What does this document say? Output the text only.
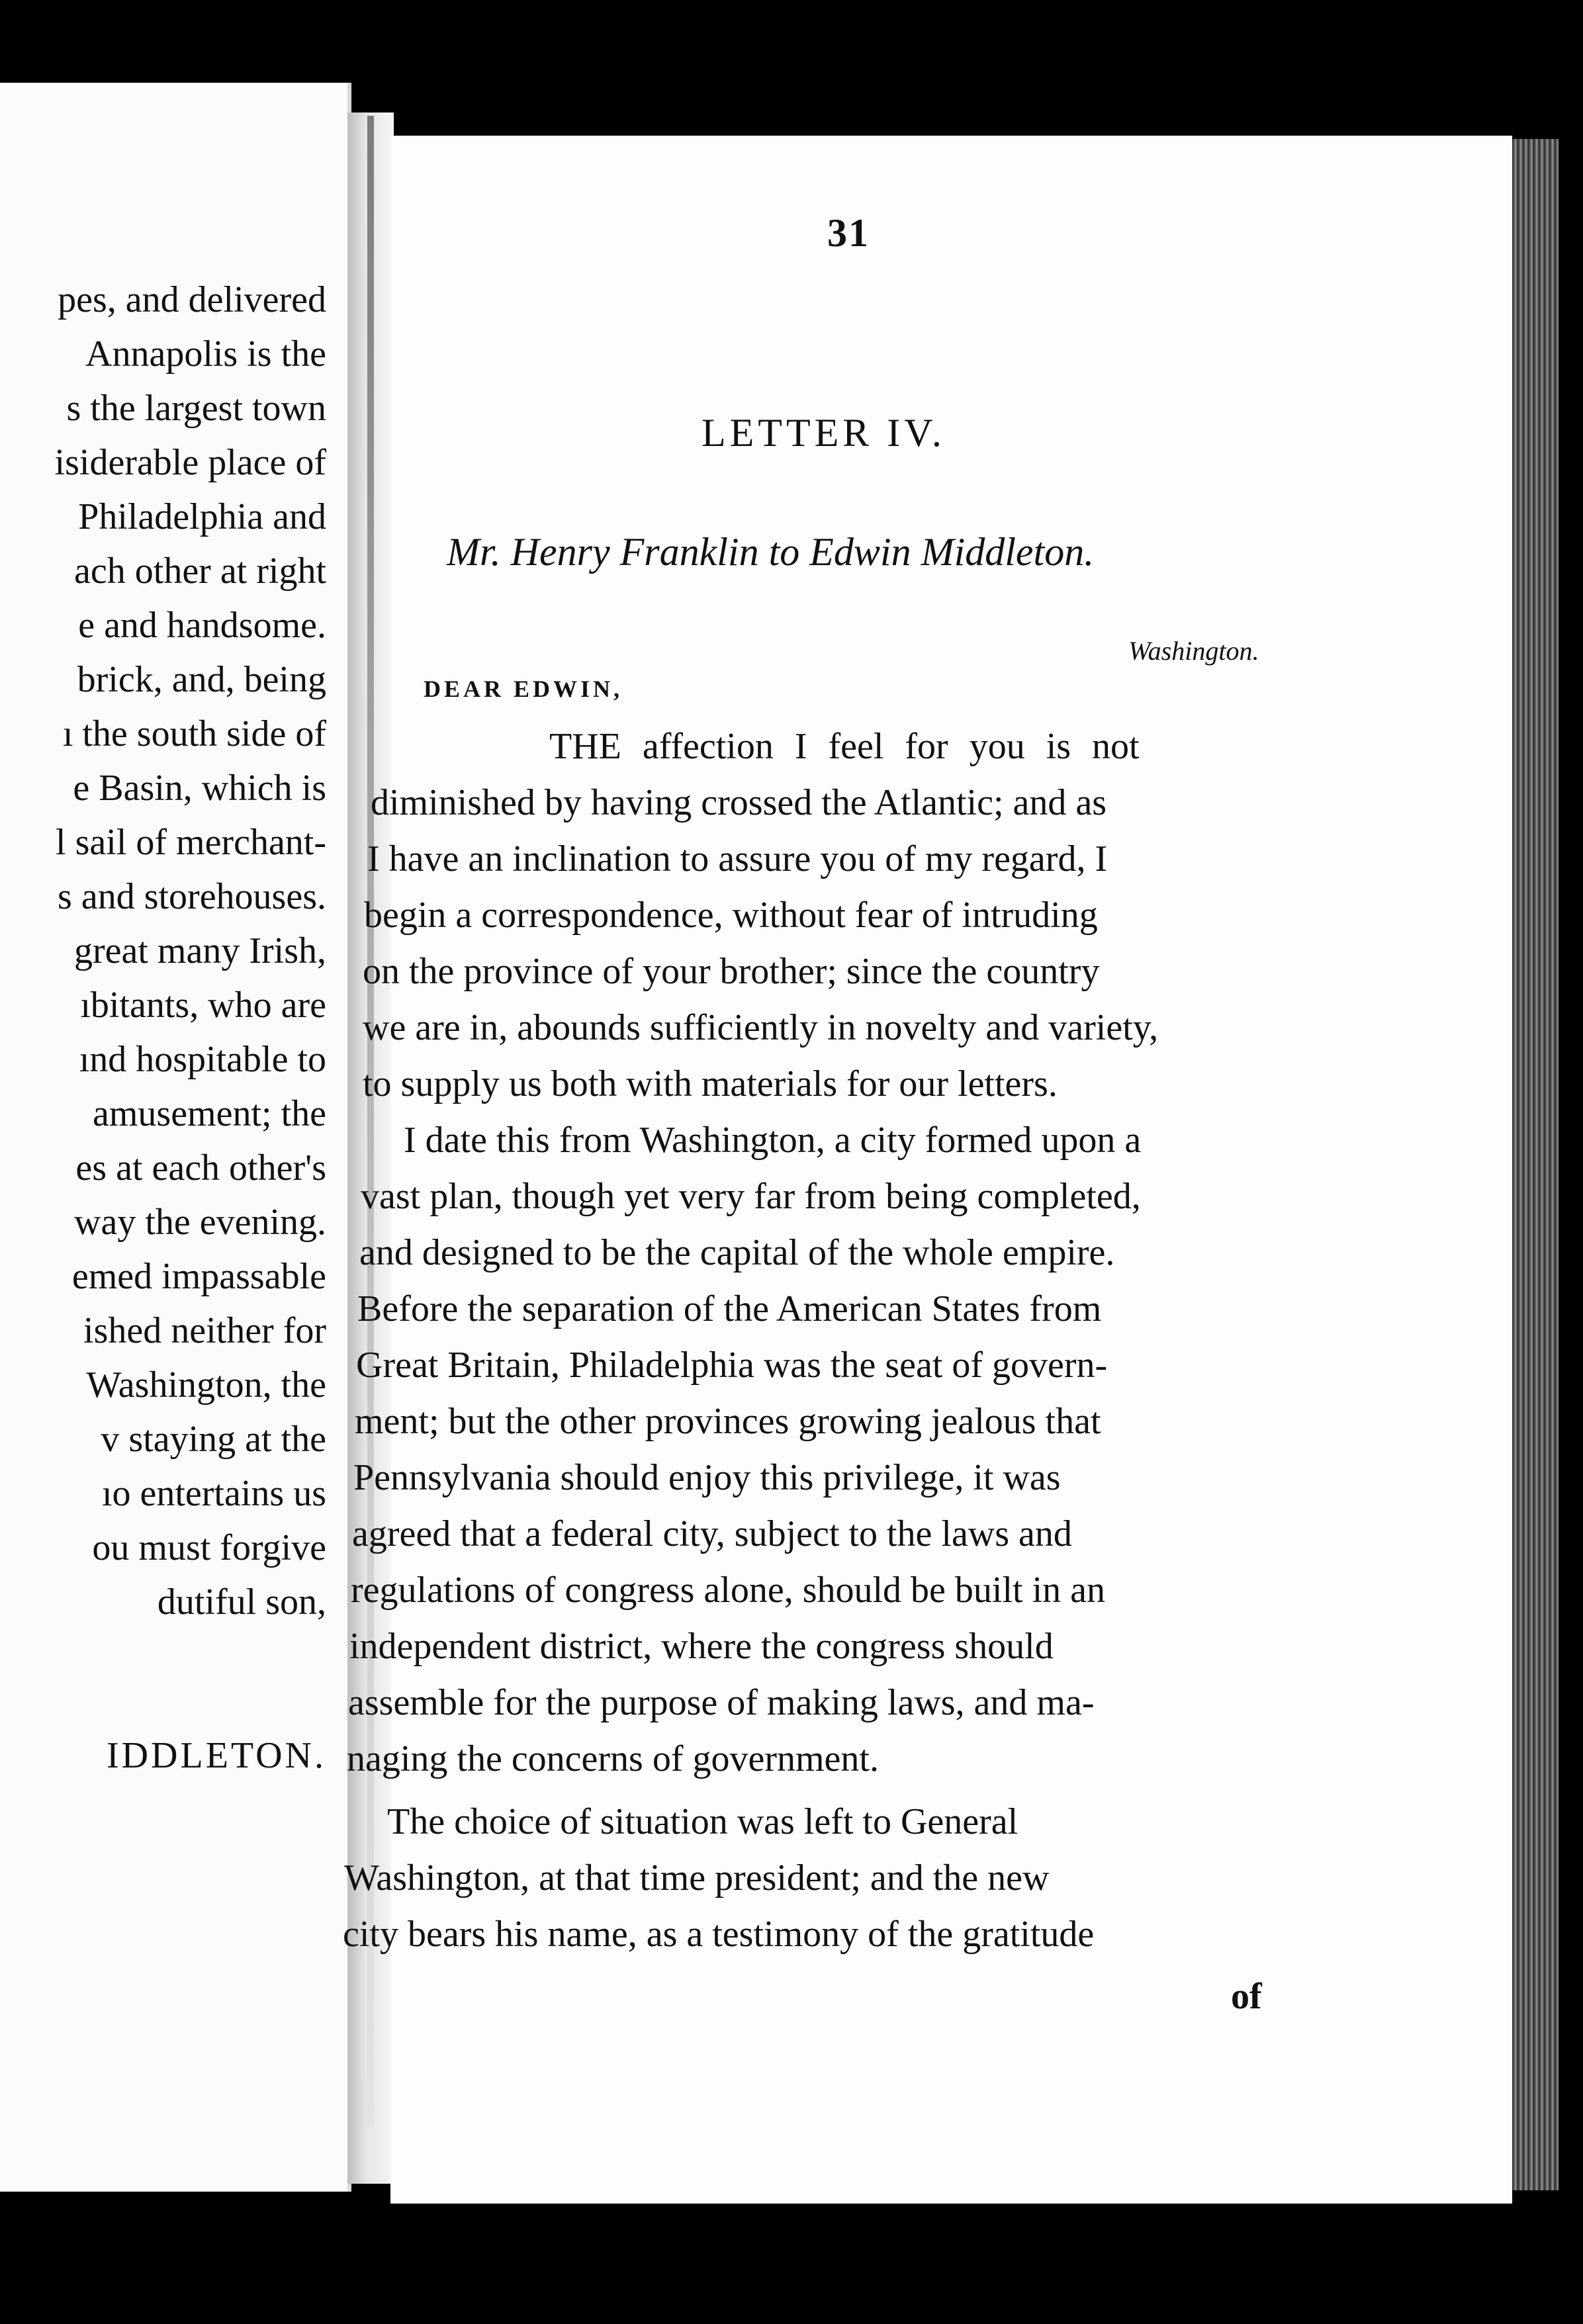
pes, and delivered
Annapolis is the
s the largest town
isiderable place of
Philadelphia and
ach other at right
e and handsome.
brick, and, being
ı the south side of
e Basin, which is
l sail of merchant-
s and storehouses.
great many Irish,
ıbitants, who are
ınd hospitable to
amusement; the
es at each other's
way the evening.
emed impassable
ished neither for
Washington, the
v staying at the
ıo entertains us
ou must forgive
dutiful son,
IDDLETON.
31
LETTER IV.
Mr. Henry Franklin to Edwin Middleton.
Washington.
DEAR EDWIN,
THE affection I feel for you is not
diminished by having crossed the Atlantic; and as
I have an inclination to assure you of my regard, I
begin a correspondence, without fear of intruding
on the province of your brother; since the country
we are in, abounds sufficiently in novelty and variety,
to supply us both with materials for our letters.
I date this from Washington, a city formed upon a
vast plan, though yet very far from being completed,
and designed to be the capital of the whole empire.
Before the separation of the American States from
Great Britain, Philadelphia was the seat of govern-
ment; but the other provinces growing jealous that
Pennsylvania should enjoy this privilege, it was
agreed that a federal city, subject to the laws and
regulations of congress alone, should be built in an
independent district, where the congress should
assemble for the purpose of making laws, and ma-
naging the concerns of government.
The choice of situation was left to General
Washington, at that time president; and the new
city bears his name, as a testimony of the gratitude
of
